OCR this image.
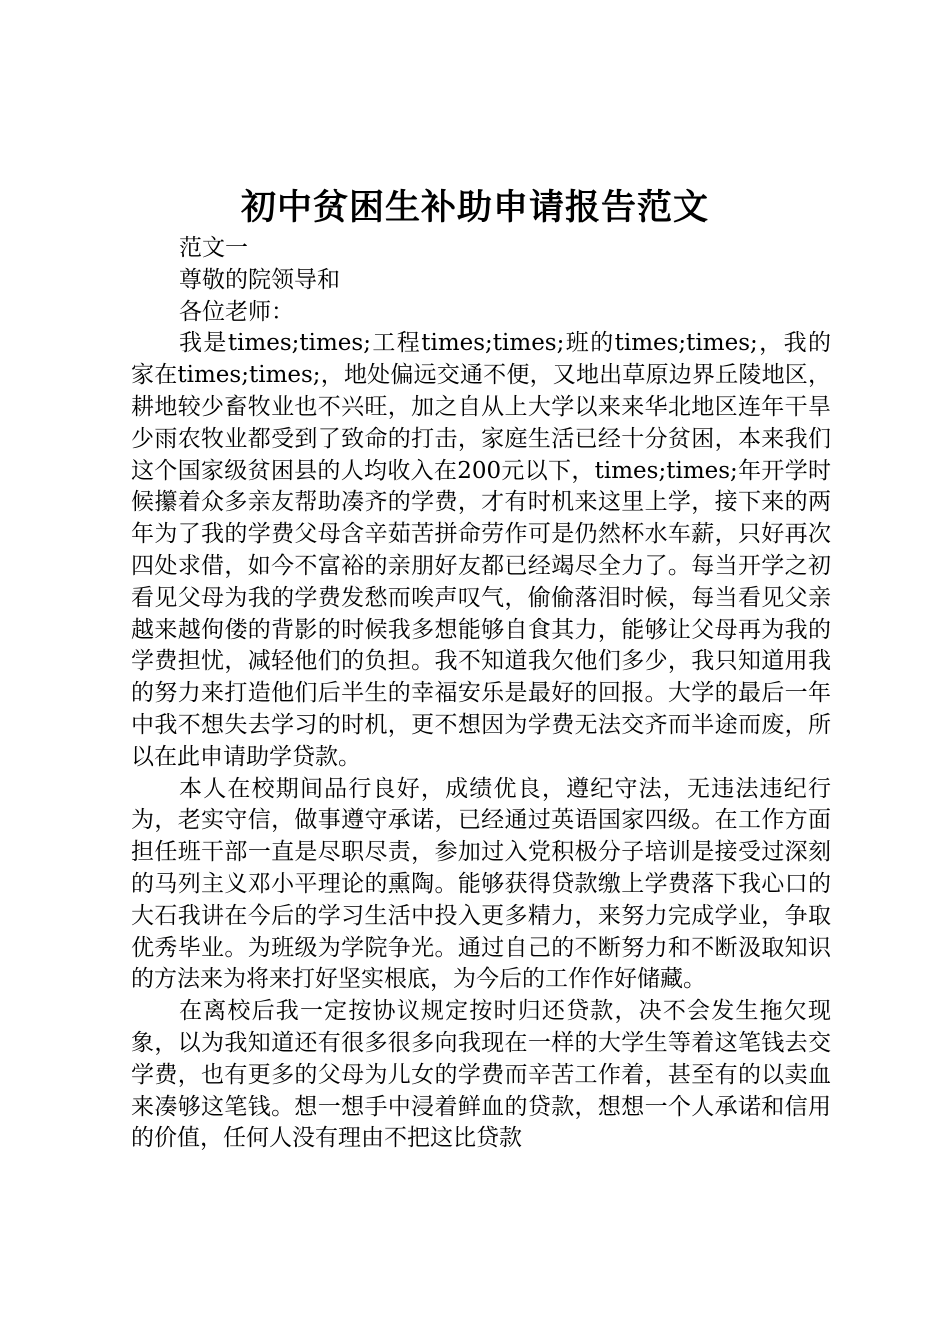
初中贫困生补助申请报告范文

范文一

尊敬的院领导和

各位老师：

我是times;times;工程times;times;班的times;times;，我的家在times;times;，地处偏远交通不便，又地出草原边界丘陵地区，耕地较少畜牧业也不兴旺，加之自从上大学以来来华北地区连年干旱少雨农牧业都受到了致命的打击，家庭生活已经十分贫困，本来我们这个国家级贫困县的人均收入在200元以下，times;times;年开学时候攥着众多亲友帮助凑齐的学费，才有时机来这里上学，接下来的两年为了我的学费父母含辛茹苦拼命劳作可是仍然杯水车薪，只好再次四处求借，如今不富裕的亲朋好友都已经竭尽全力了。每当开学之初看见父母为我的学费发愁而唉声叹气，偷偷落泪时候，每当看见父亲越来越佝偻的背影的时候我多想能够自食其力，能够让父母再为我的学费担忧，减轻他们的负担。我不知道我欠他们多少，我只知道用我的努力来打造他们后半生的幸福安乐是最好的回报。大学的最后一年中我不想失去学习的时机，更不想因为学费无法交齐而半途而废，所以在此申请助学贷款。

本人在校期间品行良好，成绩优良，遵纪守法，无违法违纪行为，老实守信，做事遵守承诺，已经通过英语国家四级。在工作方面担任班干部一直是尽职尽责，参加过入党积极分子培训是接受过深刻的马列主义邓小平理论的熏陶。能够获得贷款缴上学费落下我心口的大石我讲在今后的学习生活中投入更多精力，来努力完成学业，争取优秀毕业。为班级为学院争光。通过自己的不断努力和不断汲取知识的方法来为将来打好坚实根底，为今后的工作作好储藏。

在离校后我一定按协议规定按时归还贷款，决不会发生拖欠现象，以为我知道还有很多很多向我现在一样的大学生等着这笔钱去交学费，也有更多的父母为儿女的学费而辛苦工作着，甚至有的以卖血来凑够这笔钱。想一想手中浸着鲜血的贷款，想想一个人承诺和信用的价值，任何人没有理由不把这比贷款
